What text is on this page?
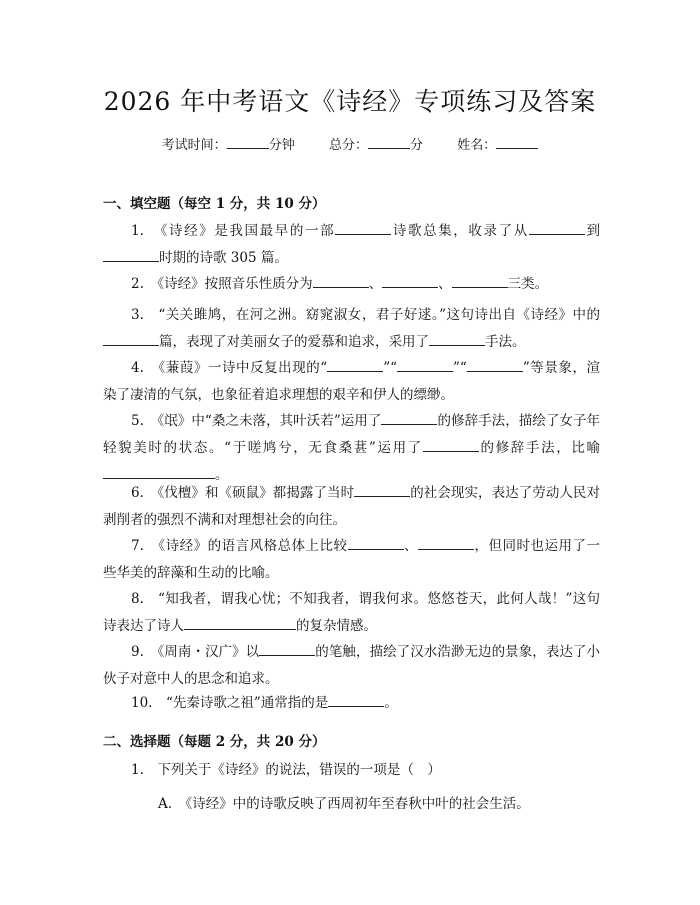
2026 年中考语文《诗经》专项练习及答案
考试时间：	分钟	总分：	分	姓名：
一、填空题（每空 1 分，共 10 分）
1.　《诗经》是我国最早的一部	诗歌总集，收录了从	到时期的诗歌 305 篇。
2.　《诗经》按照音乐性质分为	、	、	三类。
3.　“关关雎鸠，在河之洲。窈窕淑女，君子好逑。”这句诗出自《诗经》中的篇，表现了对美丽女子的爱慕和追求，采用了	手法。
4.　《蒹葭》一诗中反复出现的“	”“	”“	”等景象，渲染了凄清的气氛，也象征着追求理想的艰辛和伊人的缥缈。
5.　《氓》中“桑之未落，其叶沃若”运用了	的修辞手法，描绘了女子年轻貌美时的状态。“于嗟鸠兮，无食桑葚”运用了	的修辞手法，比喻。
6.　《伐檀》和《硕鼠》都揭露了当时	的社会现实，表达了劳动人民对剥削者的强烈不满和对理想社会的向往。
7.　《诗经》的语言风格总体上比较	、	，但同时也运用了一些华美的辞藻和生动的比喻。
8.　“知我者，谓我心忧；不知我者，谓我何求。悠悠苍天，此何人哉！”这句诗表达了诗人	的复杂情感。
9.　《周南・汉广》以	的笔触，描绘了汉水浩渺无边的景象，表达了小伙子对意中人的思念和追求。
10.　“先秦诗歌之祖”通常指的是	。
二、选择题（每题 2 分，共 20 分）
1.　下列关于《诗经》的说法，错误的一项是（　）
A.　《诗经》中的诗歌反映了西周初年至春秋中叶的社会生活。
